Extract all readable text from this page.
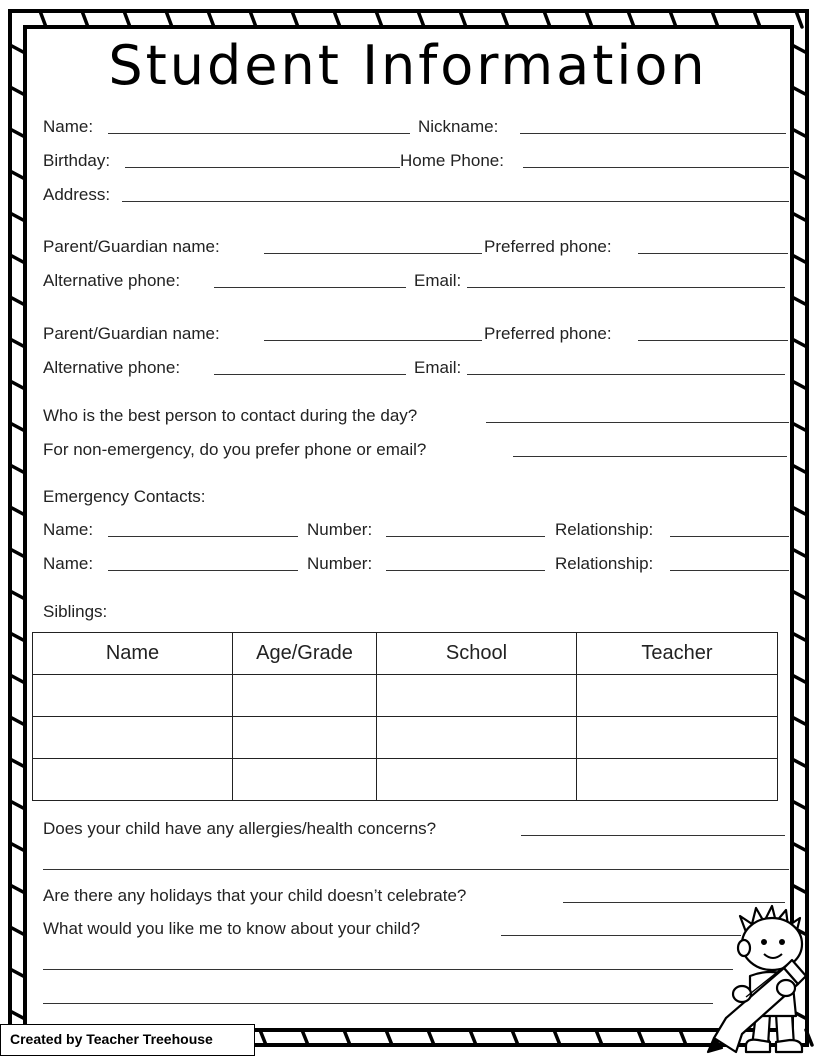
Student Information
Name:	Nickname:
Birthday:	Home Phone:
Address:
Parent/Guardian name:	Preferred phone:
Alternative phone:	Email:
Parent/Guardian name:	Preferred phone:
Alternative phone:	Email:
Who is the best person to contact during the day?
For non-emergency, do you prefer phone or email?
Emergency Contacts:
Name:	Number:	Relationship:
Name:	Number:	Relationship:
Siblings:
Name	Age/Grade	School	Teacher

Does your child have any allergies/health concerns?
Are there any holidays that your child doesn’t celebrate?
What would you like me to know about your child?
Created by Teacher Treehouse
